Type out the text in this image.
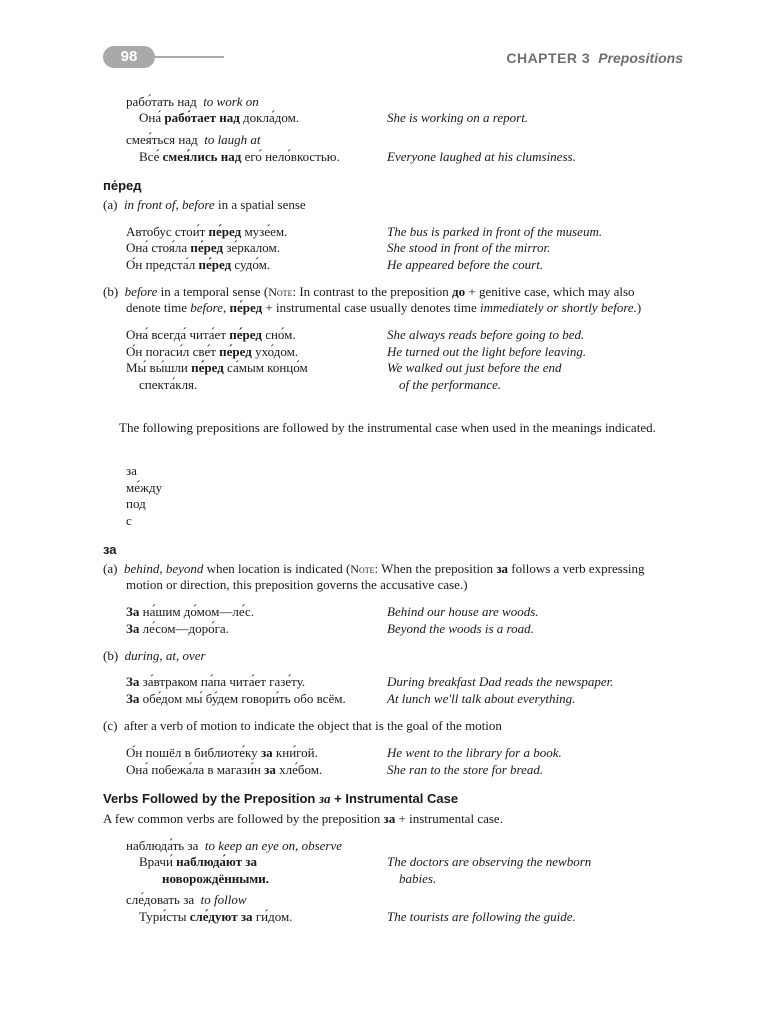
98	CHAPTER 3 Prepositions
рабо́тать над to work on
Она́ рабо́тает над докла́дом.	She is working on a report.
смея́ться над to laugh at
Все́ смея́лись над его́ нело́вкостью.	Everyone laughed at his clumsiness.
пе́ред
(a) in front of, before in a spatial sense
Автобус стои́т пе́ред музе́ем.	The bus is parked in front of the museum.
Она́ стоя́ла пе́ред зе́ркалом.	She stood in front of the mirror.
О́н предста́л пе́ред судо́м.	He appeared before the court.
(b) before in a temporal sense (Note: In contrast to the preposition до + genitive case, which may also
denote time before, пе́ред + instrumental case usually denotes time immediately or shortly before.)
Она́ всегда́ чита́ет пе́ред сно́м.	She always reads before going to bed.
О́н погаси́л све́т пе́ред ухо́дом.	He turned out the light before leaving.
Мы́ вы́шли пе́ред са́мым концо́м	We walked out just before the end
спекта́кля.	of the performance.
The following prepositions are followed by the instrumental case when used in the meanings indicated.
за
ме́жду
под
с
за
(a) behind, beyond when location is indicated (Note: When the preposition за follows a verb expressing
motion or direction, this preposition governs the accusative case.)
За на́шим до́мом—ле́с.	Behind our house are woods.
За ле́сом—доро́га.	Beyond the woods is a road.
(b) during, at, over
За за́втраком па́па чита́ет газе́ту.	During breakfast Dad reads the newspaper.
За обе́дом мы́ бу́дем говори́ть обо всём.	At lunch we'll talk about everything.
(c) after a verb of motion to indicate the object that is the goal of the motion
О́н пошёл в библиоте́ку за кни́гой.	He went to the library for a book.
Она́ побежа́ла в магази́н за хле́бом.	She ran to the store for bread.
Verbs Followed by the Preposition за + Instrumental Case
A few common verbs are followed by the preposition за + instrumental case.
наблюда́ть за to keep an eye on, observe
Врачи́ наблюда́ют за	The doctors are observing the newborn
новорождёнными.	babies.
сле́довать за to follow
Тури́сты сле́дуют за ги́дом.	The tourists are following the guide.
